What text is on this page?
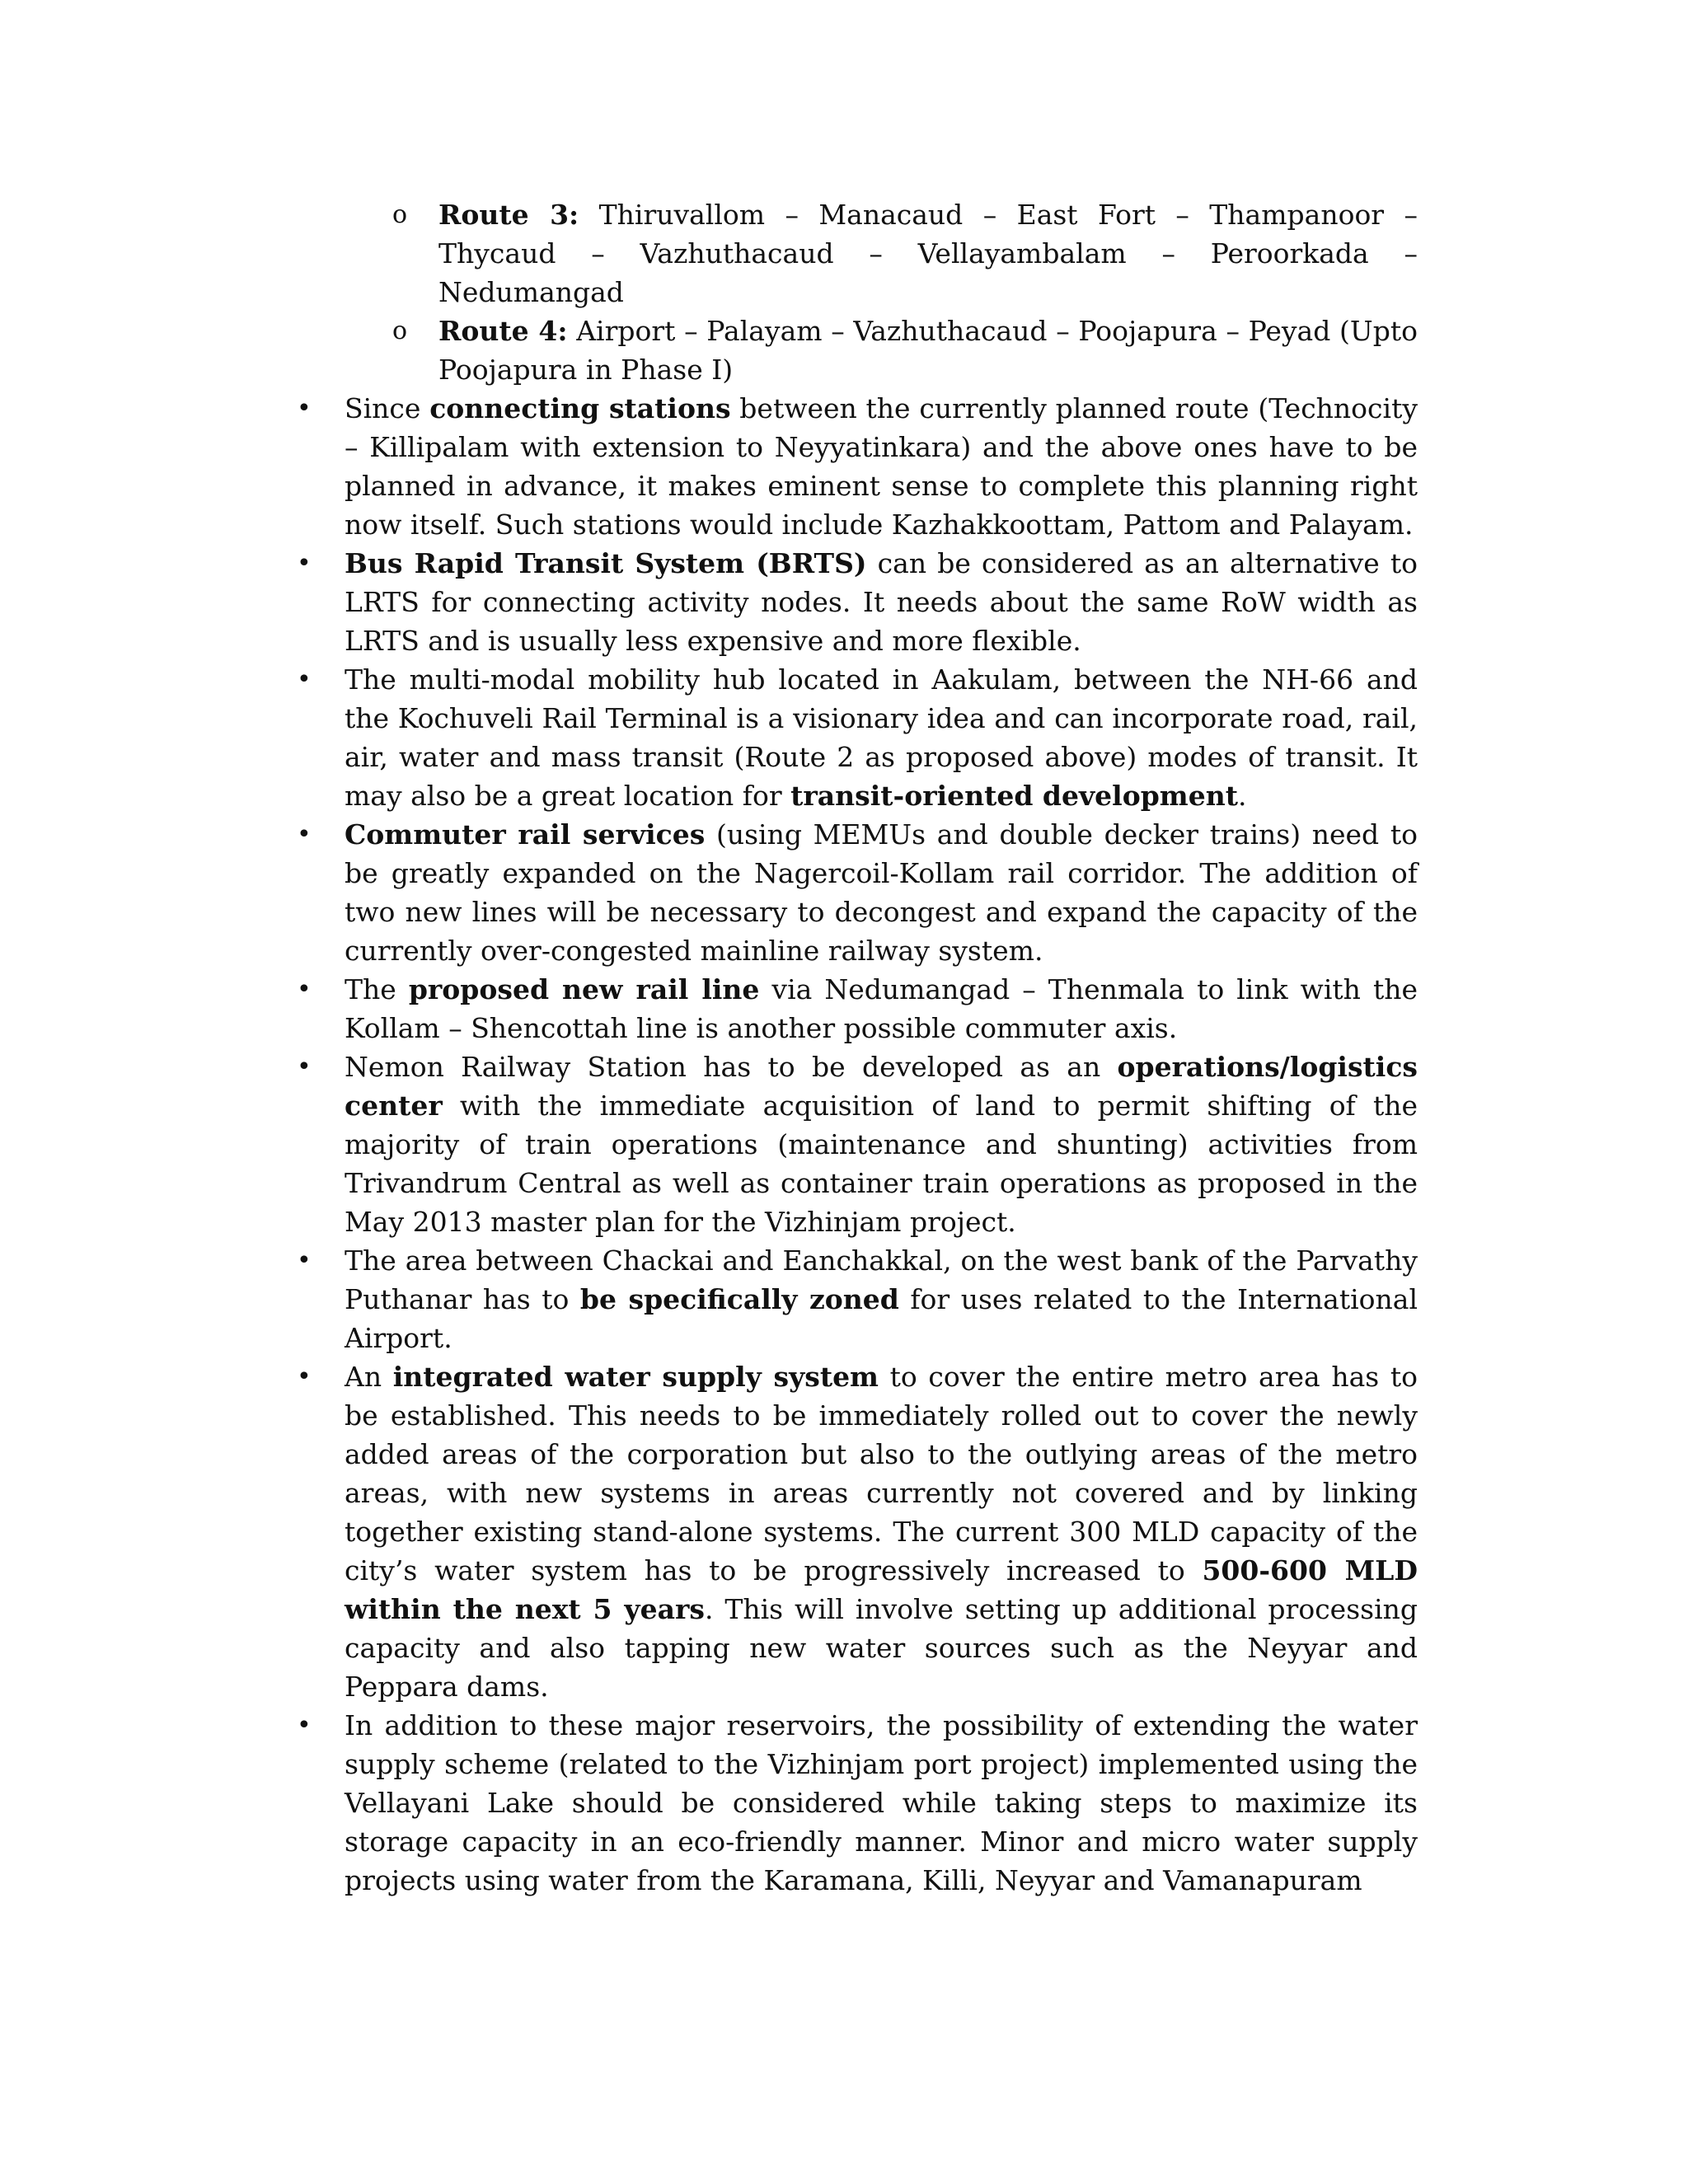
o Route 3: Thiruvallom – Manacaud – East Fort – Thampanoor – Thycaud – Vazhuthacaud – Vellayambalam – Peroorkada – Nedumangad
o Route 4: Airport – Palayam – Vazhuthacaud – Poojapura – Peyad (Upto Poojapura in Phase I)
• Since connecting stations between the currently planned route (Technocity – Killipalam with extension to Neyyatinkara) and the above ones have to be planned in advance, it makes eminent sense to complete this planning right now itself. Such stations would include Kazhakkoottam, Pattom and Palayam.
• Bus Rapid Transit System (BRTS) can be considered as an alternative to LRTS for connecting activity nodes. It needs about the same RoW width as LRTS and is usually less expensive and more flexible.
• The multi-modal mobility hub located in Aakulam, between the NH-66 and the Kochuveli Rail Terminal is a visionary idea and can incorporate road, rail, air, water and mass transit (Route 2 as proposed above) modes of transit. It may also be a great location for transit-oriented development.
• Commuter rail services (using MEMUs and double decker trains) need to be greatly expanded on the Nagercoil-Kollam rail corridor. The addition of two new lines will be necessary to decongest and expand the capacity of the currently over-congested mainline railway system.
• The proposed new rail line via Nedumangad – Thenmala to link with the Kollam – Shencottah line is another possible commuter axis.
• Nemon Railway Station has to be developed as an operations/logistics center with the immediate acquisition of land to permit shifting of the majority of train operations (maintenance and shunting) activities from Trivandrum Central as well as container train operations as proposed in the May 2013 master plan for the Vizhinjam project.
• The area between Chackai and Eanchakkal, on the west bank of the Parvathy Puthanar has to be specifically zoned for uses related to the International Airport.
• An integrated water supply system to cover the entire metro area has to be established. This needs to be immediately rolled out to cover the newly added areas of the corporation but also to the outlying areas of the metro areas, with new systems in areas currently not covered and by linking together existing stand-alone systems. The current 300 MLD capacity of the city’s water system has to be progressively increased to 500-600 MLD within the next 5 years. This will involve setting up additional processing capacity and also tapping new water sources such as the Neyyar and Peppara dams.
• In addition to these major reservoirs, the possibility of extending the water supply scheme (related to the Vizhinjam port project) implemented using the Vellayani Lake should be considered while taking steps to maximize its storage capacity in an eco-friendly manner. Minor and micro water supply projects using water from the Karamana, Killi, Neyyar and Vamanapuram
